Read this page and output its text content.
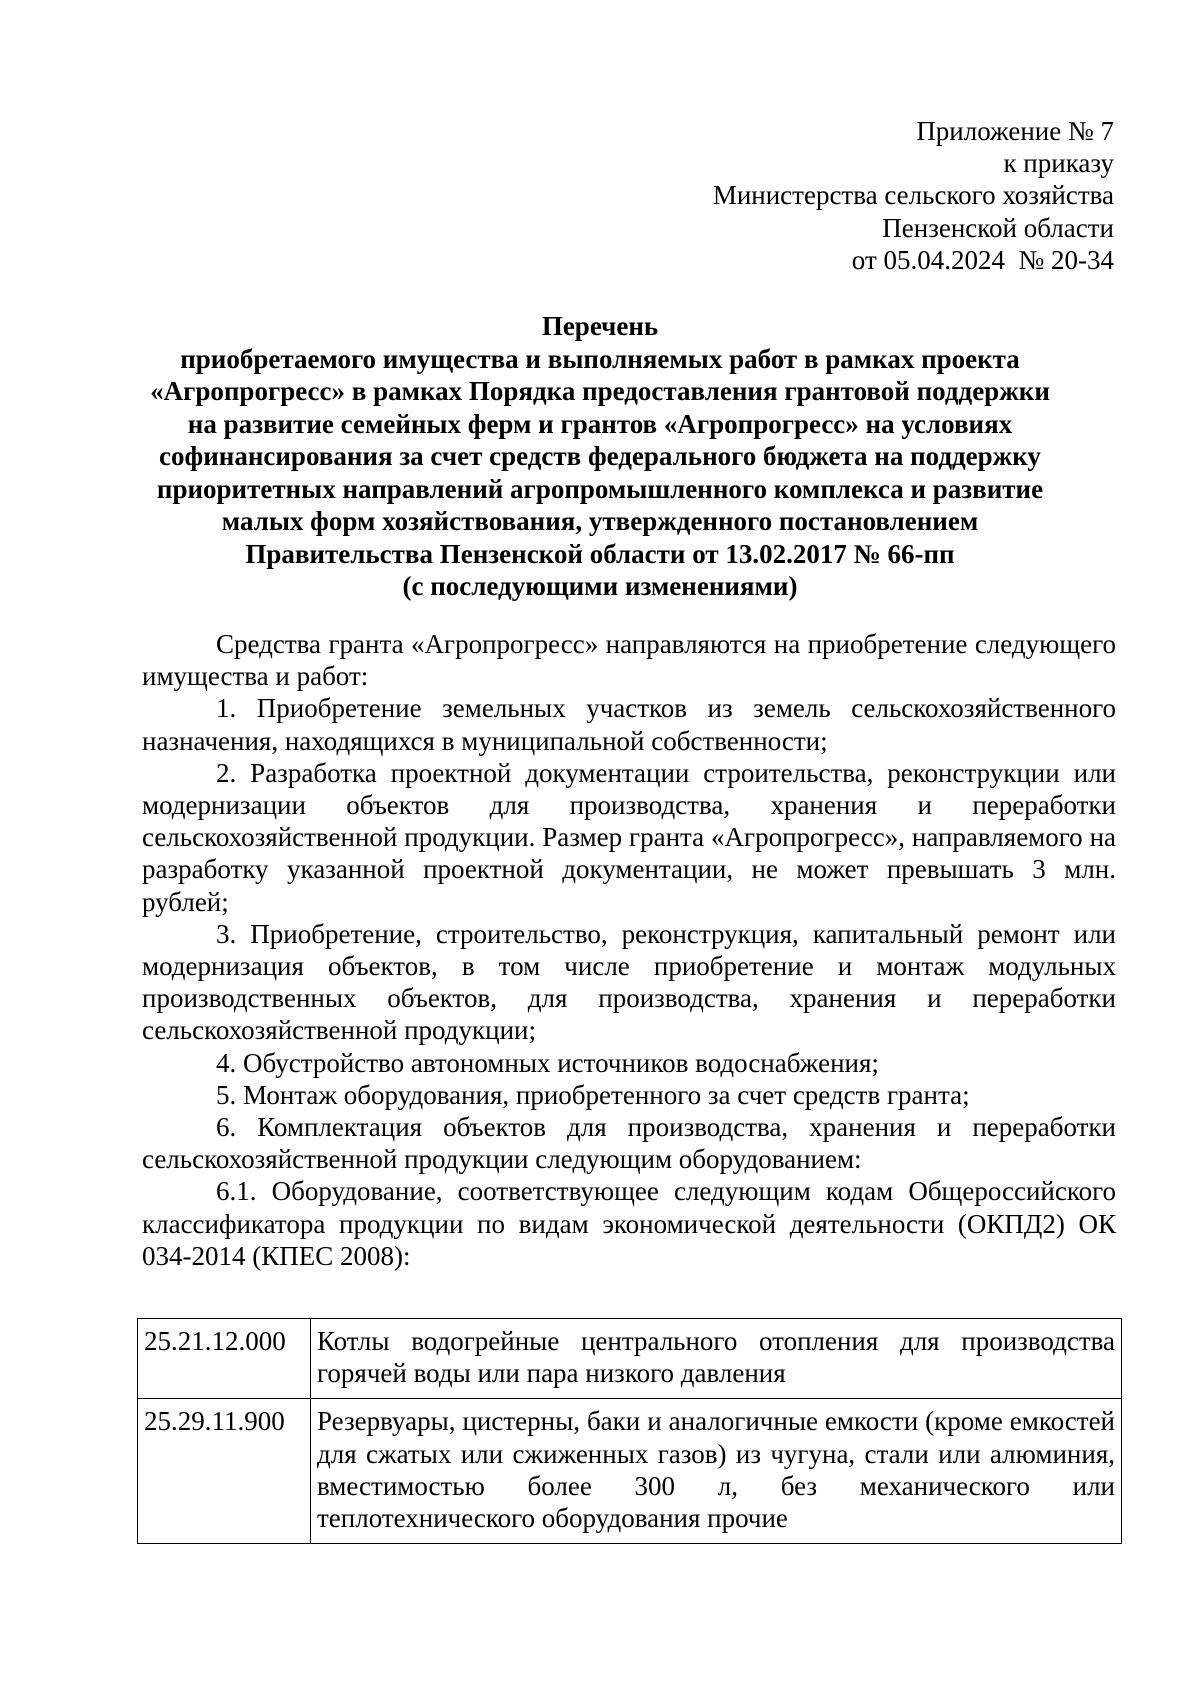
Приложение № 7
к приказу
Министерства сельского хозяйства
Пензенской области
от 05.04.2024  № 20-34
Перечень
приобретаемого имущества и выполняемых работ в рамках проекта
«Агропрогресс» в рамках Порядка предоставления грантовой поддержки
на развитие семейных ферм и грантов «Агропрогресс» на условиях
софинансирования за счет средств федерального бюджета на поддержку
приоритетных направлений агропромышленного комплекса и развитие
малых форм хозяйствования, утвержденного постановлением
Правительства Пензенской области от 13.02.2017 № 66-пп
(с последующими изменениями)

Средства гранта «Агропрогресс» направляются на приобретение следующего имущества и работ:

1. Приобретение земельных участков из земель сельскохозяйственного назначения, находящихся в муниципальной собственности;

2. Разработка проектной документации строительства, реконструкции или модернизации объектов для производства, хранения и переработки сельскохозяйственной продукции. Размер гранта «Агропрогресс», направляемого на разработку указанной проектной документации, не может превышать 3 млн. рублей;

3. Приобретение, строительство, реконструкция, капитальный ремонт или модернизация объектов, в том числе приобретение и монтаж модульных производственных объектов, для производства, хранения и переработки сельскохозяйственной продукции;

4. Обустройство автономных источников водоснабжения;

5. Монтаж оборудования, приобретенного за счет средств гранта;

6. Комплектация объектов для производства, хранения и переработки сельскохозяйственной продукции следующим оборудованием:

6.1. Оборудование, соответствующее следующим кодам Общероссийского классификатора продукции по видам экономической деятельности (ОКПД2) ОК 034-2014 (КПЕС 2008):

25.21.12.000	Котлы водогрейные центрального отопления для производства горячей воды или пара низкого давления
25.29.11.900	Резервуары, цистерны, баки и аналогичные емкости (кроме емкостей для сжатых или сжиженных газов) из чугуна, стали или алюминия, вместимостью более 300 л, без механического или теплотехнического оборудования прочие
